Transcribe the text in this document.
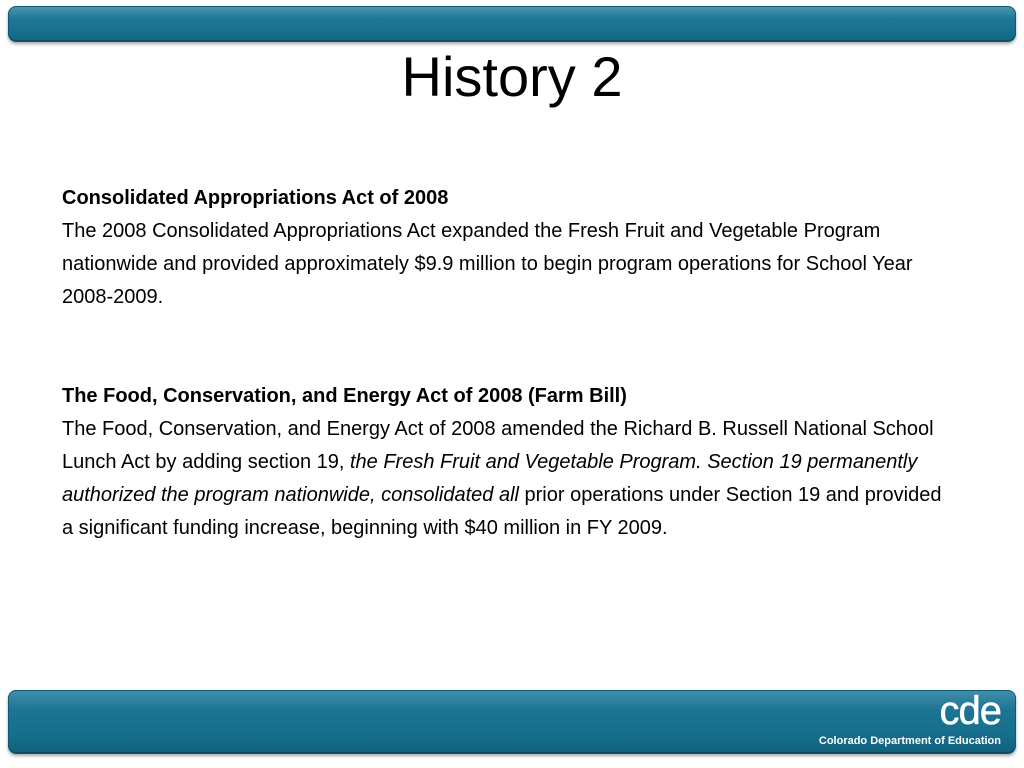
History 2

Consolidated Appropriations Act of 2008
The 2008 Consolidated Appropriations Act expanded the Fresh Fruit and Vegetable Program nationwide and provided approximately $9.9 million to begin program operations for School Year 2008-2009.

The Food, Conservation, and Energy Act of 2008 (Farm Bill)
The Food, Conservation, and Energy Act of 2008 amended the Richard B. Russell National School Lunch Act by adding section 19, the Fresh Fruit and Vegetable Program. Section 19 permanently authorized the program nationwide, consolidated all prior operations under Section 19 and provided a significant funding increase, beginning with $40 million in FY 2009.

cde
Colorado Department of Education
